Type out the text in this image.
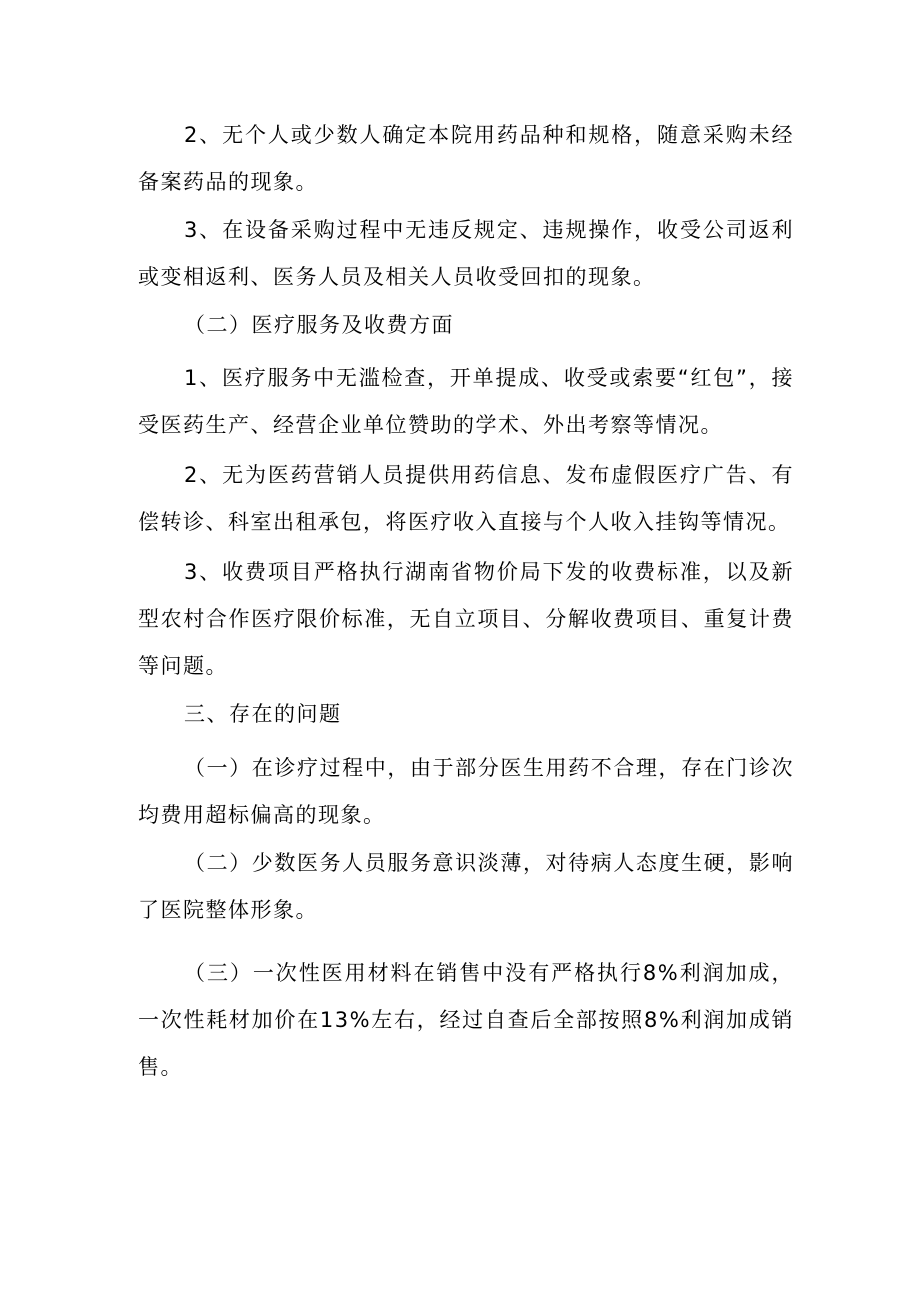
2、无个人或少数人确定本院用药品种和规格，随意采购未经备案药品的现象。

3、在设备采购过程中无违反规定、违规操作，收受公司返利或变相返利、医务人员及相关人员收受回扣的现象。

（二）医疗服务及收费方面

1、医疗服务中无滥检查，开单提成、收受或索要“红包”，接受医药生产、经营企业单位赞助的学术、外出考察等情况。

2、无为医药营销人员提供用药信息、发布虚假医疗广告、有偿转诊、科室出租承包，将医疗收入直接与个人收入挂钩等情况。

3、收费项目严格执行湖南省物价局下发的收费标准，以及新型农村合作医疗限价标准，无自立项目、分解收费项目、重复计费等问题。

三、存在的问题

（一）在诊疗过程中，由于部分医生用药不合理，存在门诊次均费用超标偏高的现象。

（二）少数医务人员服务意识淡薄，对待病人态度生硬，影响了医院整体形象。

（三）一次性医用材料在销售中没有严格执行8%利润加成，一次性耗材加价在13%左右，经过自查后全部按照8%利润加成销售。
